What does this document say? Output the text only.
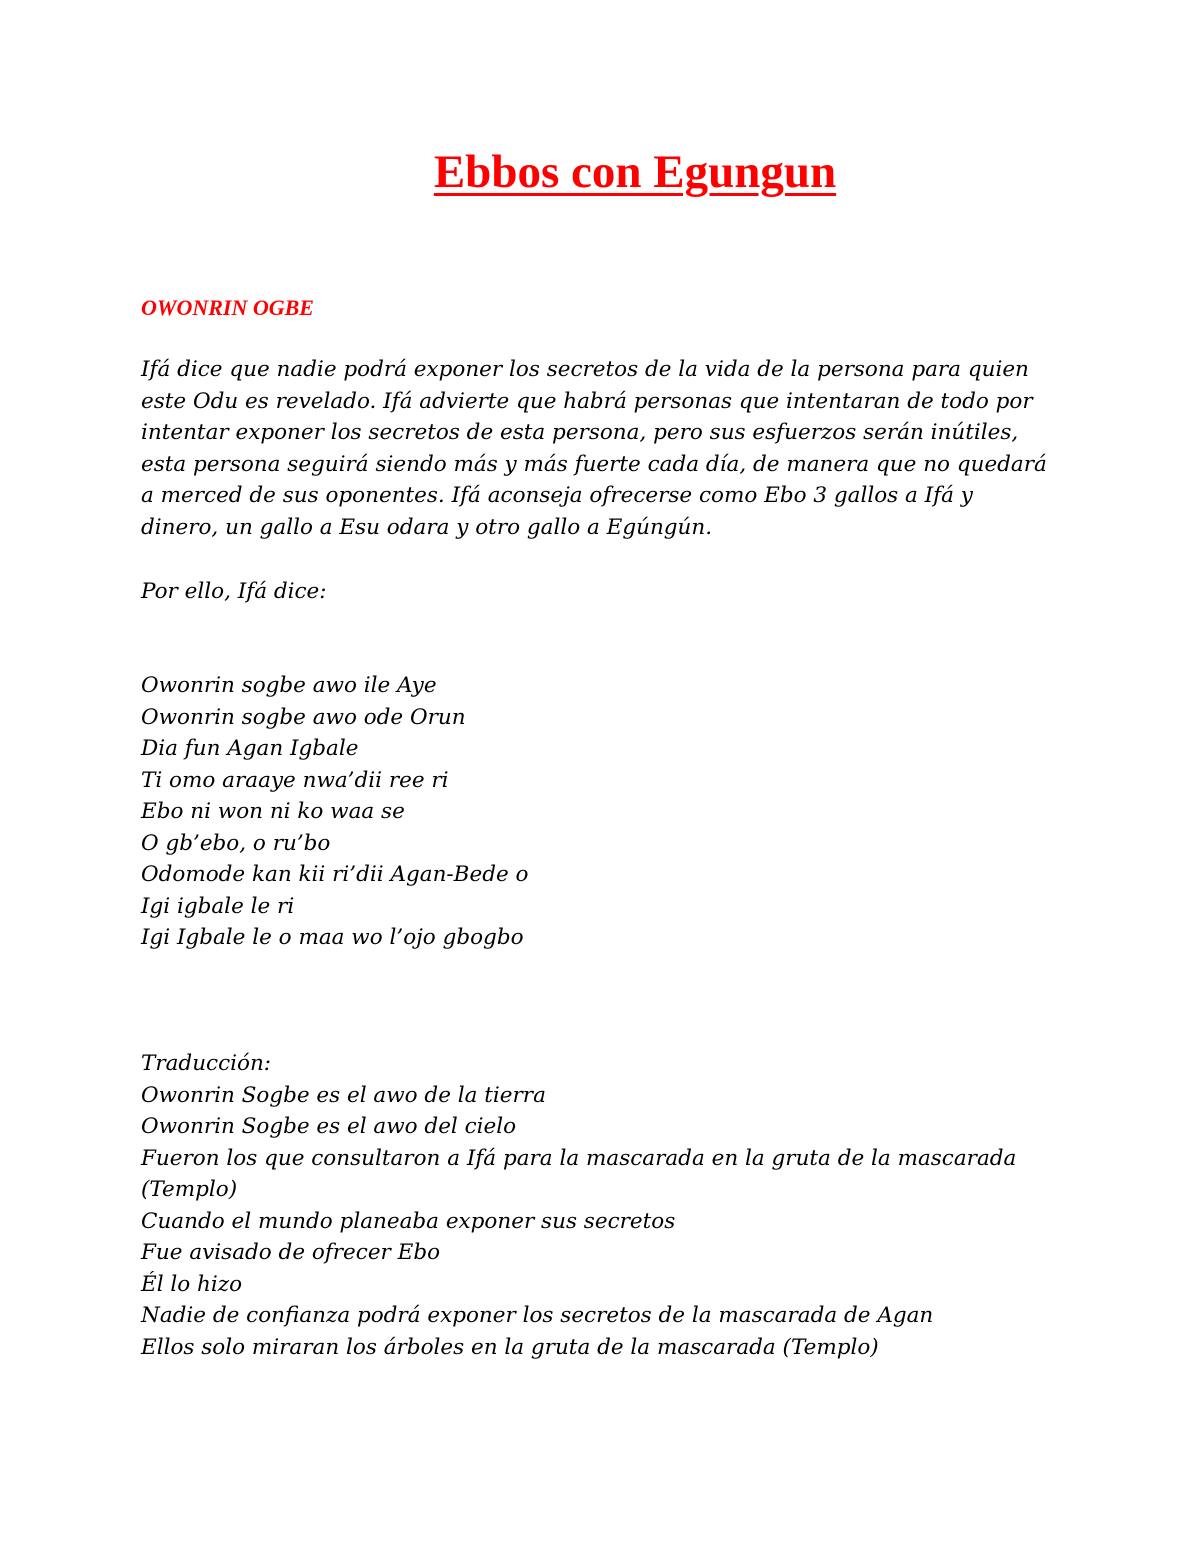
Ebbos con Egungun
OWONRIN OGBE
Ifá dice que nadie podrá exponer los secretos de la vida de la persona para quien
este Odu es revelado. Ifá advierte que habrá personas que intentaran de todo por
intentar exponer los secretos de esta persona, pero sus esfuerzos serán inútiles,
esta persona seguirá siendo más y más fuerte cada día, de manera que no quedará
a merced de sus oponentes. Ifá aconseja ofrecerse como Ebo 3 gallos a Ifá y
dinero, un gallo a Esu odara y otro gallo a Egúngún.

Por ello, Ifá dice:

Owonrin sogbe awo ile Aye
Owonrin sogbe awo ode Orun
Dia fun Agan Igbale
Ti omo araaye nwa’dii ree ri
Ebo ni won ni ko waa se
O gb’ebo, o ru’bo
Odomode kan kii ri’dii Agan-Bede o
Igi igbale le ri
Igi Igbale le o maa wo l’ojo gbogbo
Traducción:
Owonrin Sogbe es el awo de la tierra
Owonrin Sogbe es el awo del cielo
Fueron los que consultaron a Ifá para la mascarada en la gruta de la mascarada
(Templo)
Cuando el mundo planeaba exponer sus secretos
Fue avisado de ofrecer Ebo
Él lo hizo
Nadie de confianza podrá exponer los secretos de la mascarada de Agan
Ellos solo miraran los árboles en la gruta de la mascarada (Templo)
